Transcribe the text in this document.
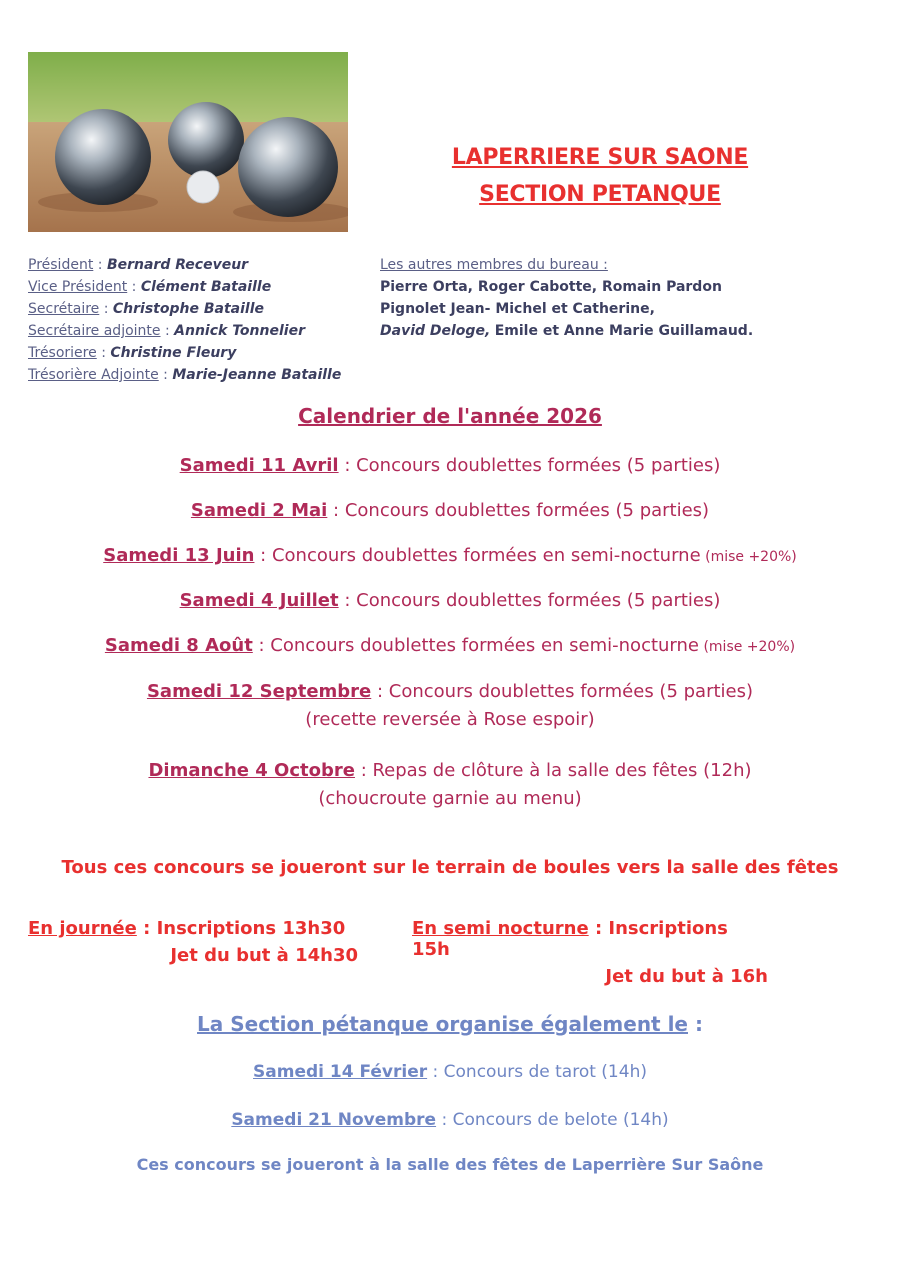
LAPERRIERE SUR SAONE
SECTION PETANQUE
Président : Bernard Receveur
Vice Président : Clément Bataille
Secrétaire : Christophe Bataille
Secrétaire adjointe : Annick Tonnelier
Trésoriere : Christine Fleury
Trésorière Adjointe : Marie-Jeanne Bataille
Les autres membres du bureau :
Pierre Orta, Roger Cabotte, Romain Pardon
Pignolet Jean- Michel et Catherine,
David Deloge, Emile et Anne Marie Guillamaud.
Calendrier de l'année 2026
Samedi 11 Avril : Concours doublettes formées (5 parties)
Samedi 2 Mai : Concours doublettes formées (5 parties)
Samedi 13 Juin : Concours doublettes formées en semi-nocturne (mise +20%)
Samedi 4 Juillet : Concours doublettes formées (5 parties)
Samedi 8 Août : Concours doublettes formées en semi-nocturne (mise +20%)
Samedi 12 Septembre : Concours doublettes formées (5 parties)
(recette reversée à Rose espoir)
Dimanche 4 Octobre : Repas de clôture à la salle des fêtes (12h)
(choucroute garnie au menu)
Tous ces concours se joueront sur le terrain de boules vers la salle des fêtes
En journée : Inscriptions 13h30
Jet du but à 14h30
En semi nocturne : Inscriptions 15h
Jet du but à 16h
La Section pétanque organise également le :
Samedi 14 Février : Concours de tarot (14h)
Samedi 21 Novembre : Concours de belote (14h)
Ces concours se joueront à la salle des fêtes de Laperrière Sur Saône
